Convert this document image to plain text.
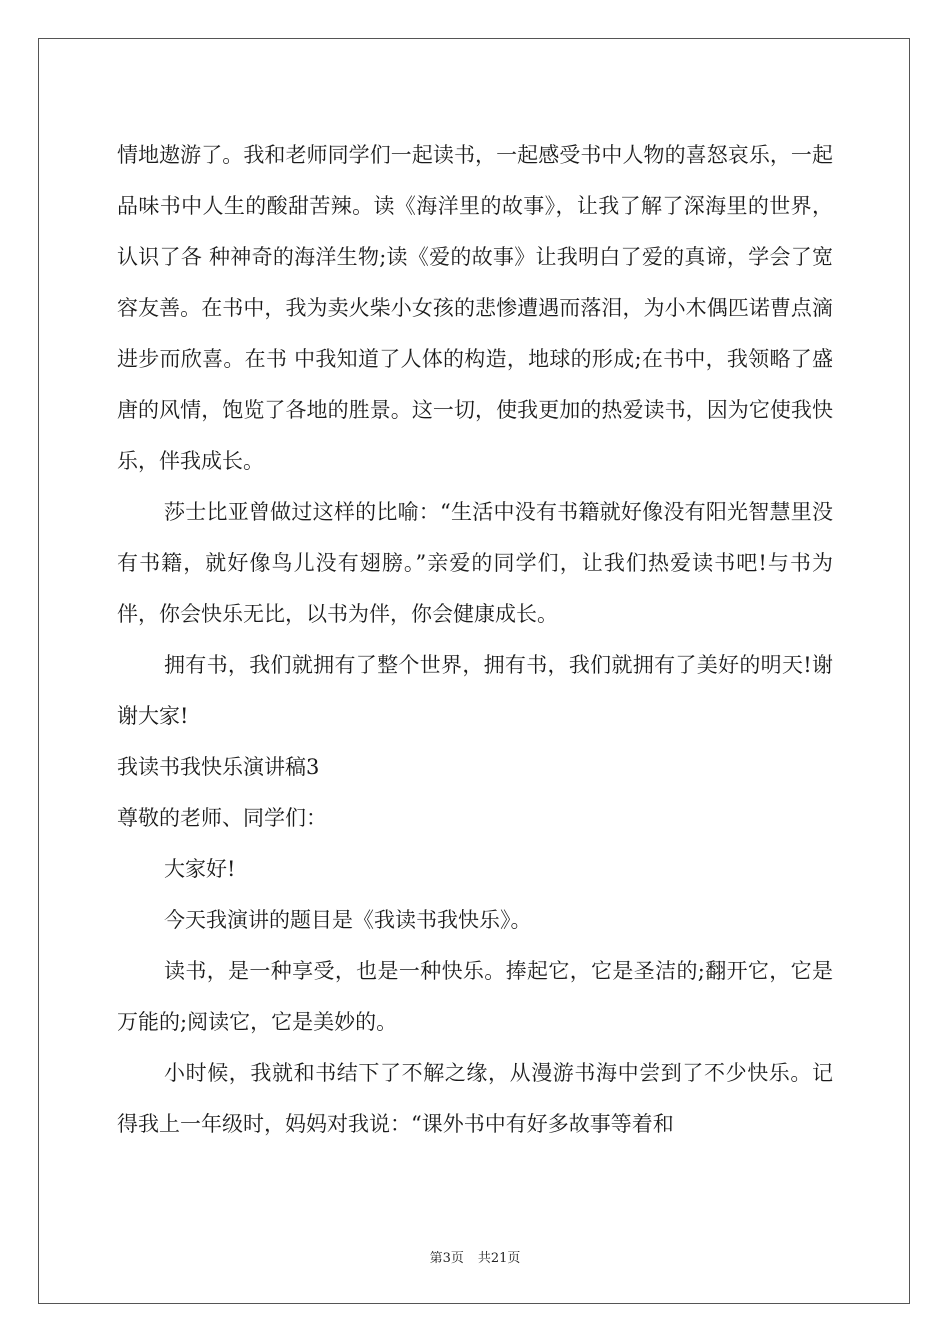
情地遨游了。我和老师同学们一起读书，一起感受书中人物的喜怒哀乐，一起品味书中人生的酸甜苦辣。读《海洋里的故事》，让我了解了深海里的世界，认识了各 种神奇的海洋生物;读《爱的故事》让我明白了爱的真谛，学会了宽容友善。在书中，我为卖火柴小女孩的悲惨遭遇而落泪，为小木偶匹诺曹点滴进步而欣喜。在书 中我知道了人体的构造，地球的形成;在书中，我领略了盛唐的风情，饱览了各地的胜景。这一切，使我更加的热爱读书，因为它使我快乐，伴我成长。

莎士比亚曾做过这样的比喻：“生活中没有书籍就好像没有阳光智慧里没有书籍，就好像鸟儿没有翅膀。”亲爱的同学们，让我们热爱读书吧!与书为伴，你会快乐无比，以书为伴，你会健康成长。

拥有书，我们就拥有了整个世界，拥有书，我们就拥有了美好的明天!谢谢大家!

我读书我快乐演讲稿3

尊敬的老师、同学们：

大家好!

今天我演讲的题目是《我读书我快乐》。

读书，是一种享受，也是一种快乐。捧起它，它是圣洁的;翻开它，它是万能的;阅读它，它是美妙的。

小时候，我就和书结下了不解之缘，从漫游书海中尝到了不少快乐。记得我上一年级时，妈妈对我说：“课外书中有好多故事等着和

第3页 共21页
